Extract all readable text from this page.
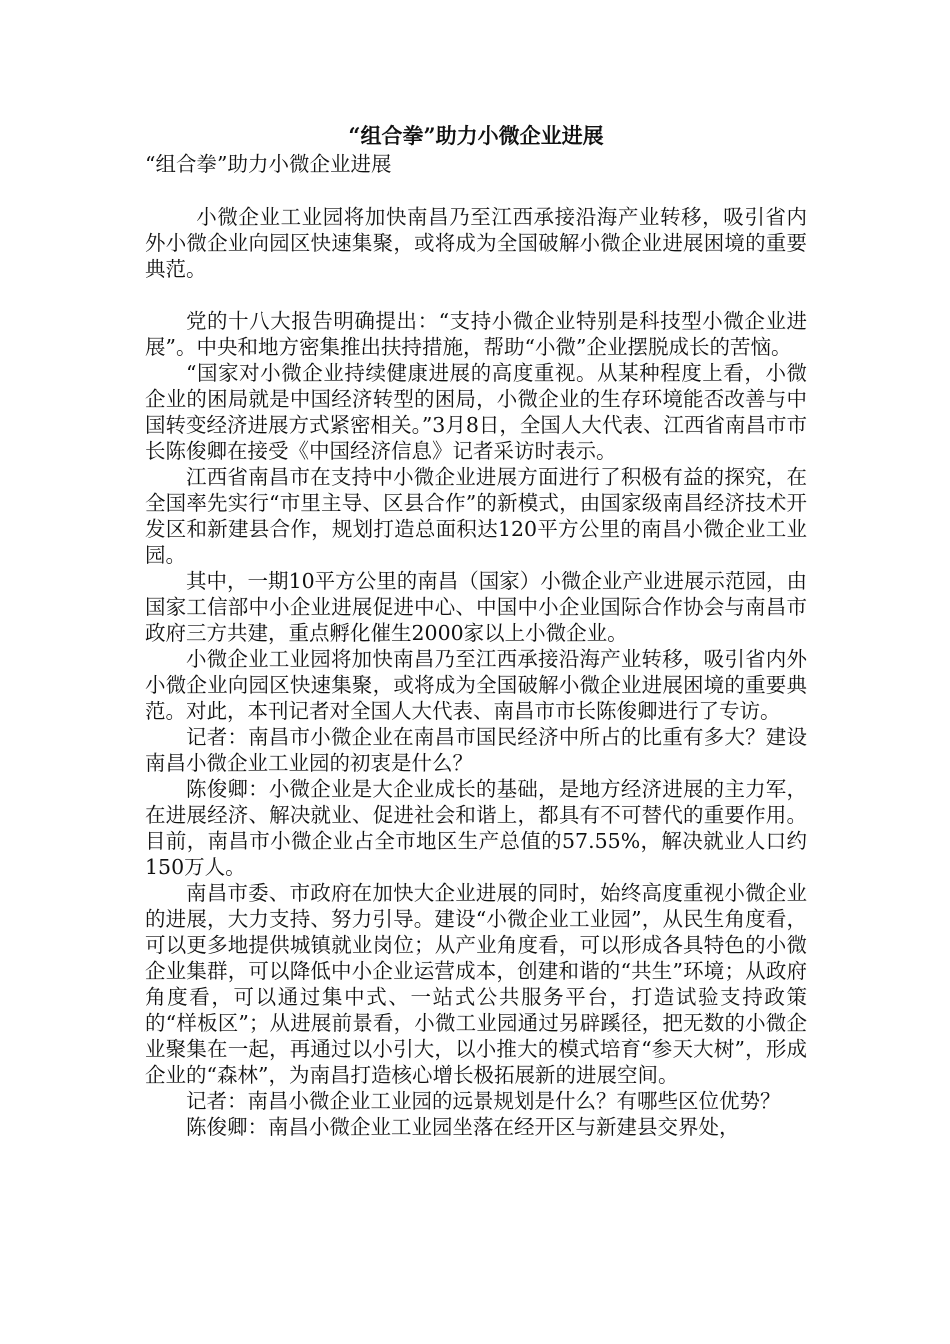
“组合拳”助力小微企业进展

“组合拳”助力小微企业进展

小微企业工业园将加快南昌乃至江西承接沿海产业转移，吸引省内外小微企业向园区快速集聚，或将成为全国破解小微企业进展困境的重要典范。

党的十八大报告明确提出：“支持小微企业特别是科技型小微企业进展”。中央和地方密集推出扶持措施，帮助“小微”企业摆脱成长的苦恼。

“国家对小微企业持续健康进展的高度重视。从某种程度上看，小微企业的困局就是中国经济转型的困局，小微企业的生存环境能否改善与中国转变经济进展方式紧密相关。”3月8日，全国人大代表、江西省南昌市市长陈俊卿在接受《中国经济信息》记者采访时表示。

江西省南昌市在支持中小微企业进展方面进行了积极有益的探究，在全国率先实行“市里主导、区县合作”的新模式，由国家级南昌经济技术开发区和新建县合作，规划打造总面积达120平方公里的南昌小微企业工业园。

其中，一期10平方公里的南昌（国家）小微企业产业进展示范园，由国家工信部中小企业进展促进中心、中国中小企业国际合作协会与南昌市政府三方共建，重点孵化催生2000家以上小微企业。

小微企业工业园将加快南昌乃至江西承接沿海产业转移，吸引省内外小微企业向园区快速集聚，或将成为全国破解小微企业进展困境的重要典范。对此，本刊记者对全国人大代表、南昌市市长陈俊卿进行了专访。

记者：南昌市小微企业在南昌市国民经济中所占的比重有多大？建设南昌小微企业工业园的初衷是什么？

陈俊卿：小微企业是大企业成长的基础，是地方经济进展的主力军，在进展经济、解决就业、促进社会和谐上，都具有不可替代的重要作用。目前，南昌市小微企业占全市地区生产总值的57.55%，解决就业人口约150万人。

南昌市委、市政府在加快大企业进展的同时，始终高度重视小微企业的进展，大力支持、努力引导。建设“小微企业工业园”，从民生角度看，可以更多地提供城镇就业岗位；从产业角度看，可以形成各具特色的小微企业集群，可以降低中小企业运营成本，创建和谐的“共生”环境；从政府角度看，可以通过集中式、一站式公共服务平台，打造试验支持政策的“样板区”；从进展前景看，小微工业园通过另辟蹊径，把无数的小微企业聚集在一起，再通过以小引大，以小推大的模式培育“参天大树”，形成企业的“森林”，为南昌打造核心增长极拓展新的进展空间。

记者：南昌小微企业工业园的远景规划是什么？有哪些区位优势？

陈俊卿：南昌小微企业工业园坐落在经开区与新建县交界处，
